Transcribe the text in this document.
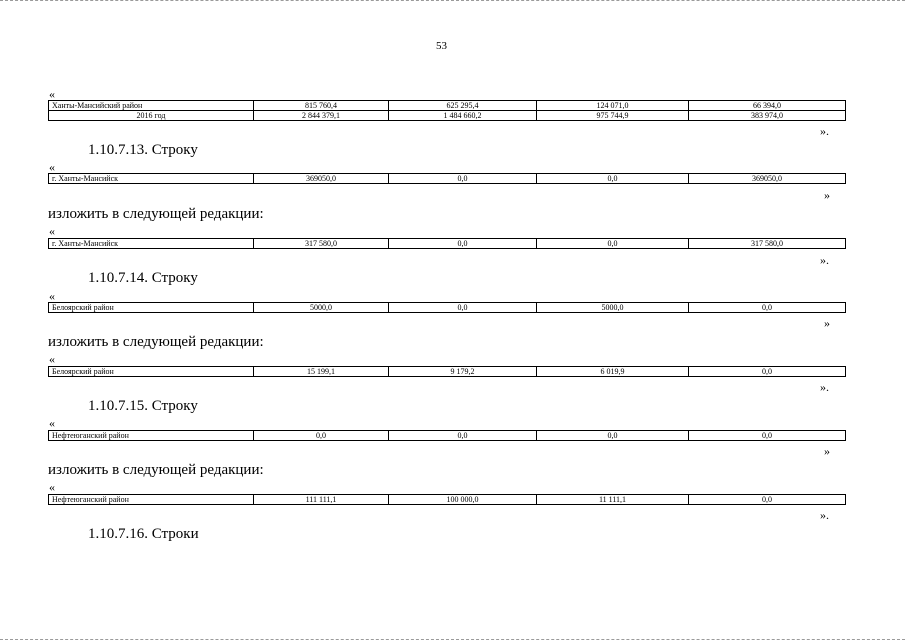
53
«
Ханты-Мансийский район	815 760,4	625 295,4	124 071,0	66 394,0
2016 год	2 844 379,1	1 484 660,2	975 744,9	383 974,0
».
1.10.7.13. Строку
«
г. Ханты-Мансийск	369050,0	0,0	0,0	369050,0
»
изложить в следующей редакции:
«
г. Ханты-Мансийск	317 580,0	0,0	0,0	317 580,0
».
1.10.7.14. Строку
«
Белоярский район	5000,0	0,0	5000,0	0,0
»
изложить в следующей редакции:
«
Белоярский район	15 199,1	9 179,2	6 019,9	0,0
».
1.10.7.15. Строку
«
Нефтеюганский район	0,0	0,0	0,0	0,0
»
изложить в следующей редакции:
«
Нефтеюганский район	111 111,1	100 000,0	11 111,1	0,0
».
1.10.7.16. Строки
